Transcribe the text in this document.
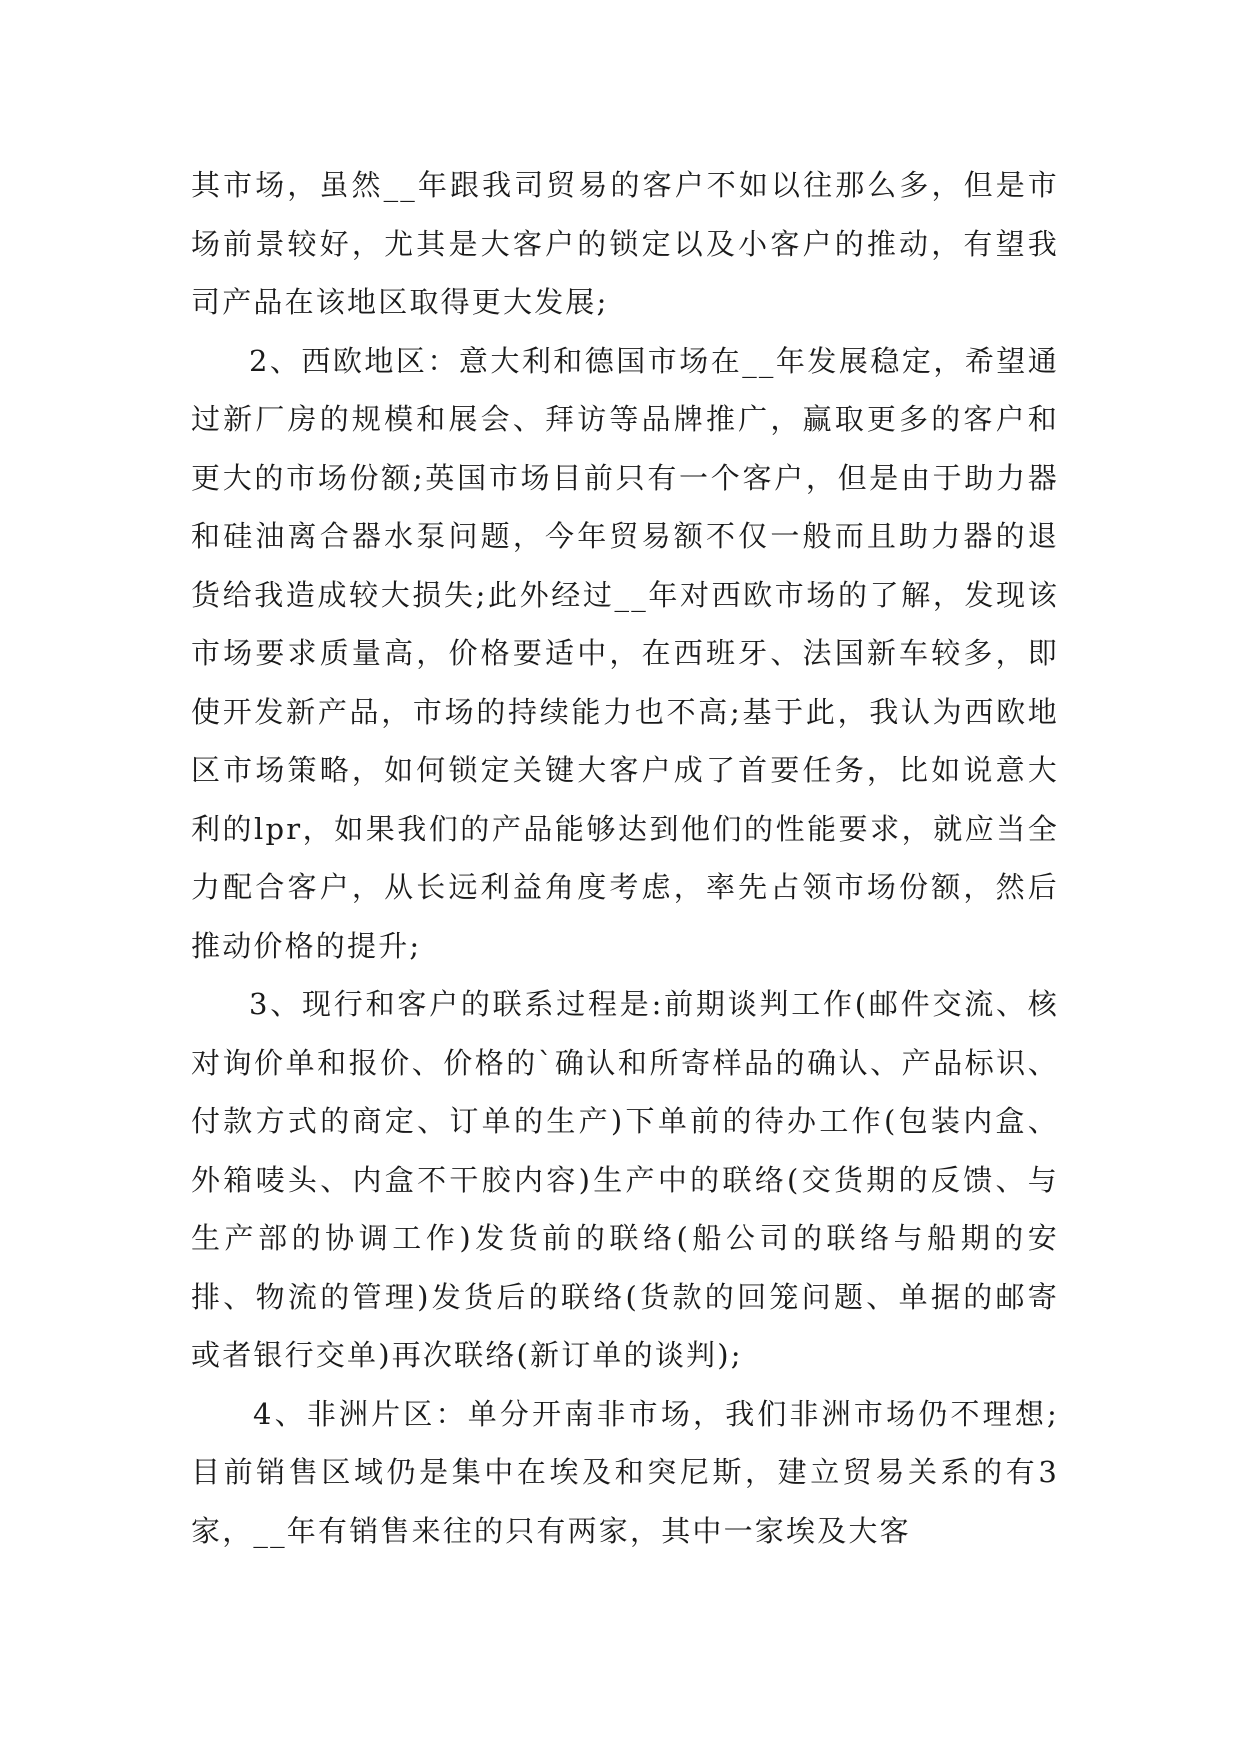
其市场，虽然__年跟我司贸易的客户不如以往那么多，但是市场前景较好，尤其是大客户的锁定以及小客户的推动，有望我司产品在该地区取得更大发展;

2、西欧地区：意大利和德国市场在__年发展稳定，希望通过新厂房的规模和展会、拜访等品牌推广，赢取更多的客户和更大的市场份额;英国市场目前只有一个客户，但是由于助力器和硅油离合器水泵问题，今年贸易额不仅一般而且助力器的退货给我造成较大损失;此外经过__年对西欧市场的了解，发现该市场要求质量高，价格要适中，在西班牙、法国新车较多，即使开发新产品，市场的持续能力也不高;基于此，我认为西欧地区市场策略，如何锁定关键大客户成了首要任务，比如说意大利的lpr，如果我们的产品能够达到他们的性能要求，就应当全力配合客户，从长远利益角度考虑，率先占领市场份额，然后推动价格的提升;

3、现行和客户的联系过程是:前期谈判工作(邮件交流、核对询价单和报价、价格的`确认和所寄样品的确认、产品标识、付款方式的商定、订单的生产)下单前的待办工作(包装内盒、外箱唛头、内盒不干胶内容)生产中的联络(交货期的反馈、与生产部的协调工作)发货前的联络(船公司的联络与船期的安排、物流的管理)发货后的联络(货款的回笼问题、单据的邮寄或者银行交单)再次联络(新订单的谈判);

4、非洲片区：单分开南非市场，我们非洲市场仍不理想;目前销售区域仍是集中在埃及和突尼斯，建立贸易关系的有3家，__年有销售来往的只有两家，其中一家埃及大客
